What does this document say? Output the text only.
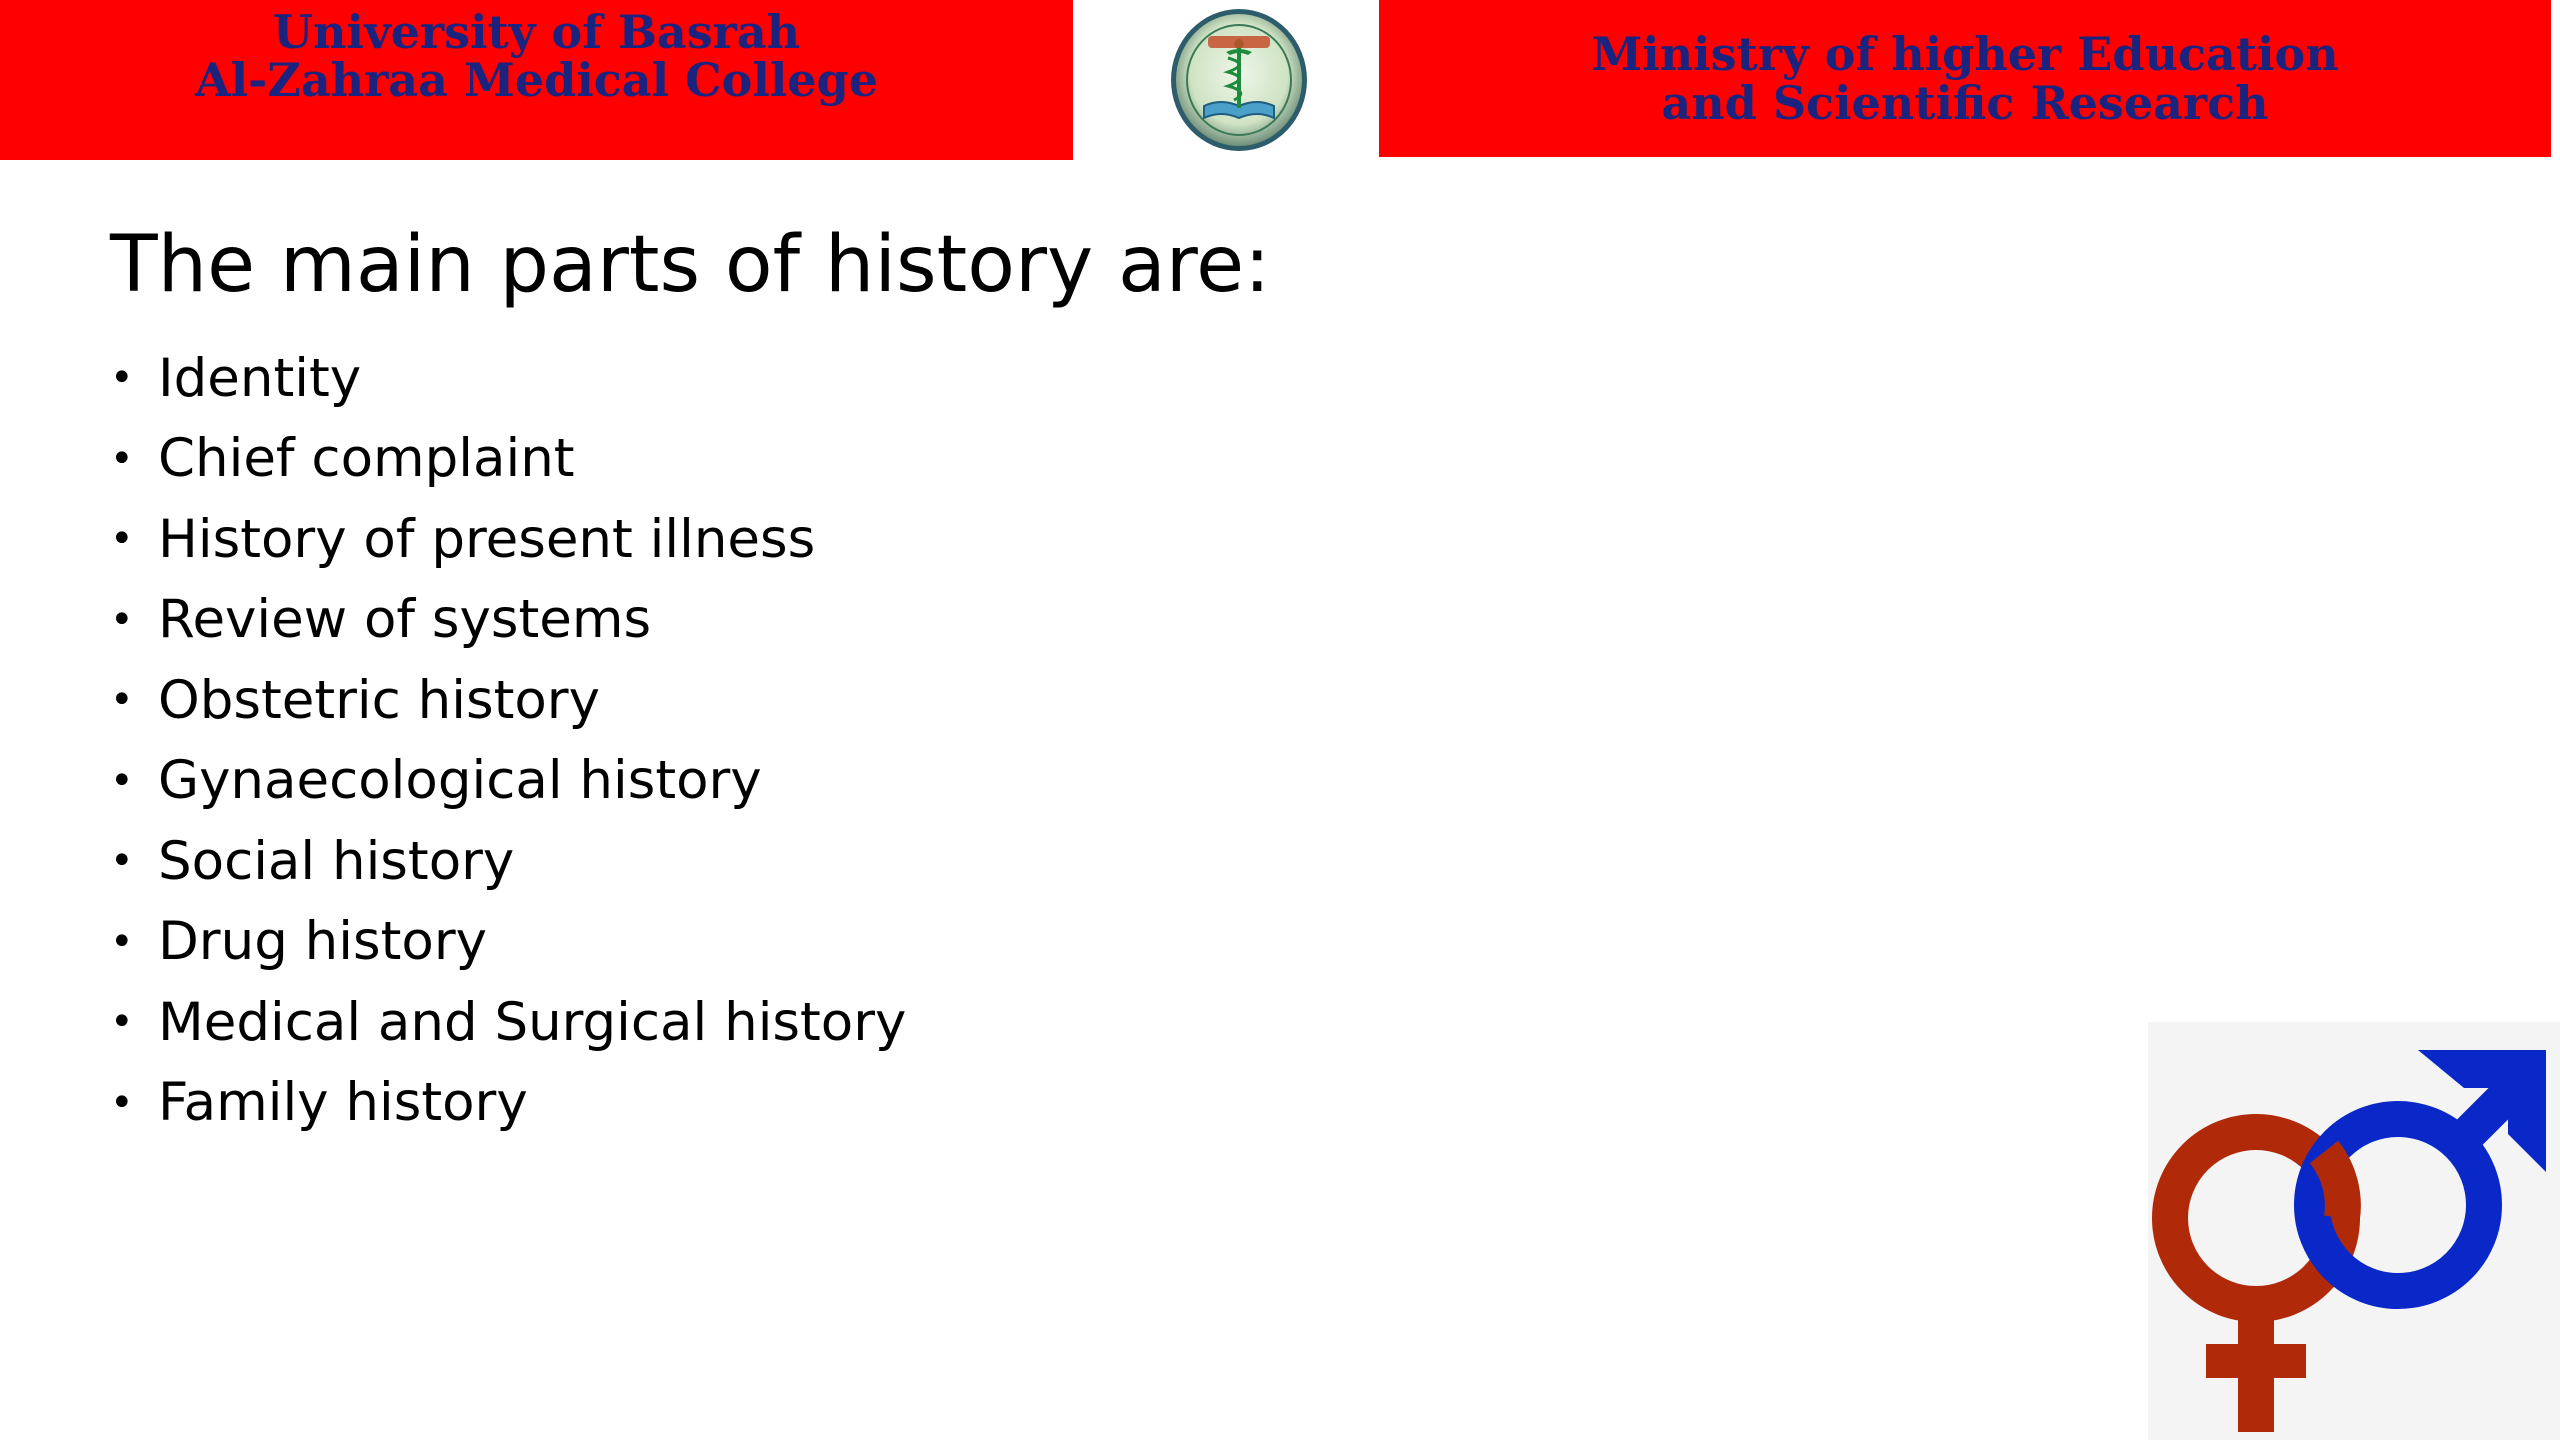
University of Basrah
Al-Zahraa Medical College	Ministry of higher Education
and Scientific Research
The main parts of history are:
• Identity
• Chief complaint
• History of present illness
• Review of systems
• Obstetric history
• Gynaecological history
• Social history
• Drug history
• Medical and Surgical history
• Family history
